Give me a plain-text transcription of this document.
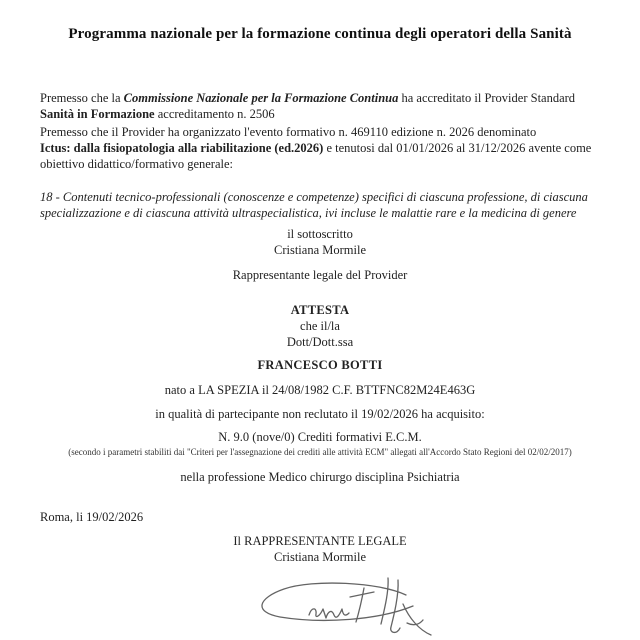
Programma nazionale per la formazione continua degli operatori della Sanità
Premesso che la Commissione Nazionale per la Formazione Continua ha accreditato il Provider Standard Sanità in Formazione accreditamento n. 2506
Premesso che il Provider ha organizzato l'evento formativo n. 469110 edizione n. 2026 denominato
Ictus: dalla fisiopatologia alla riabilitazione (ed.2026) e tenutosi dal 01/01/2026 al 31/12/2026 avente come obiettivo didattico/formativo generale:
18 - Contenuti tecnico-professionali (conoscenze e competenze) specifici di ciascuna professione, di ciascuna specializzazione e di ciascuna attività ultraspecialistica, ivi incluse le malattie rare e la medicina di genere
il sottoscritto
Cristiana Mormile
Rappresentante legale del Provider
ATTESTA
che il/la
Dott/Dott.ssa
FRANCESCO BOTTI
nato a LA SPEZIA il 24/08/1982 C.F. BTTFNC82M24E463G
in qualità di partecipante non reclutato il 19/02/2026 ha acquisito:
N. 9.0 (nove/0) Crediti formativi E.C.M.
(secondo i parametri stabiliti dai "Criteri per l'assegnazione dei crediti alle attività ECM" allegati all'Accordo Stato Regioni del 02/02/2017)
nella professione Medico chirurgo disciplina Psichiatria
Roma, li 19/02/2026
Il RAPPRESENTANTE LEGALE
Cristiana Mormile
